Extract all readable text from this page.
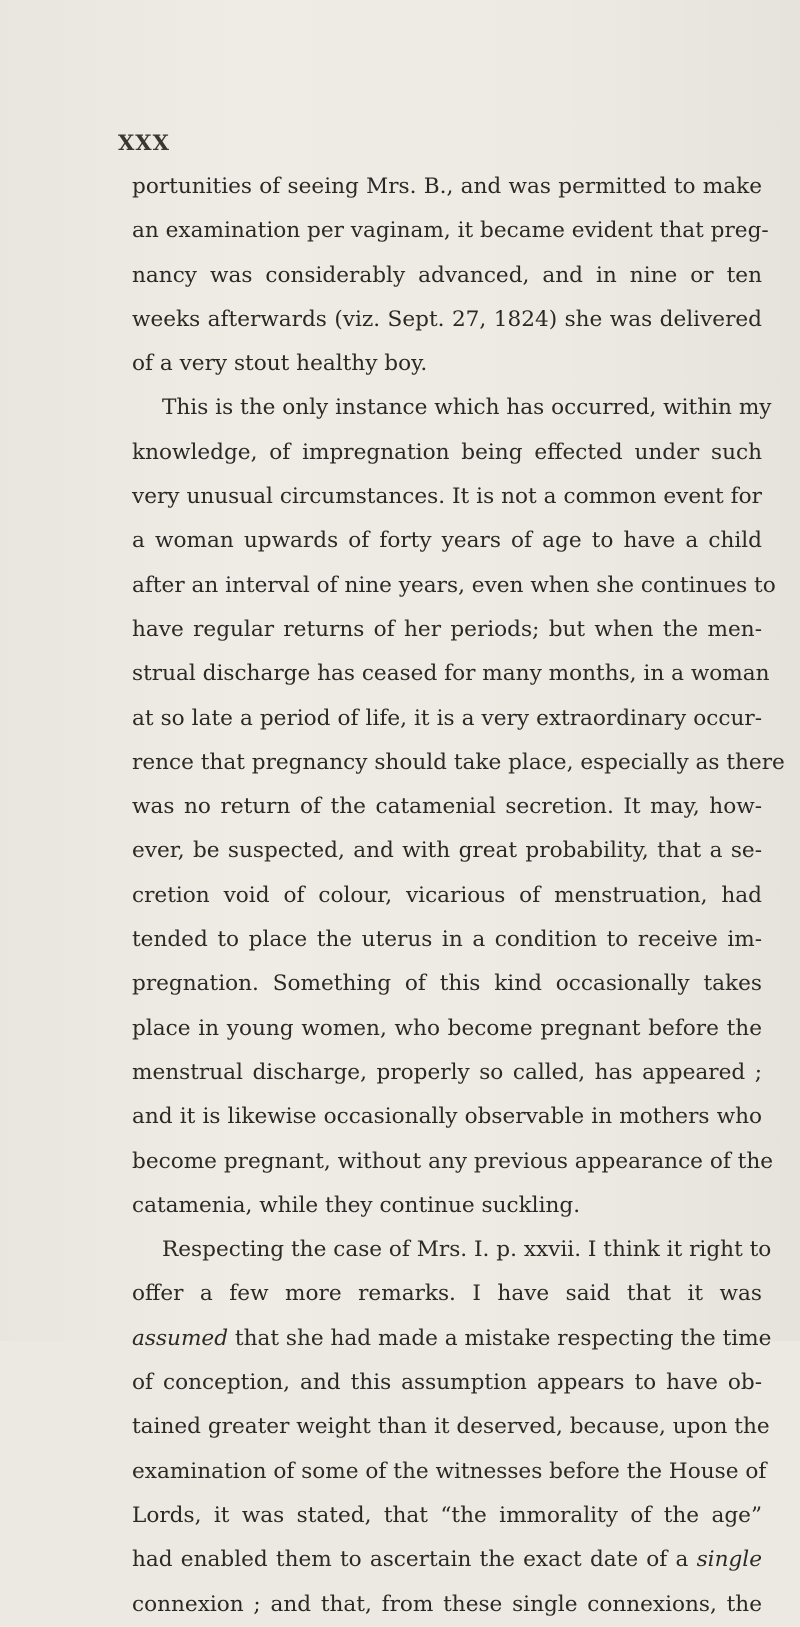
XXX
portunities of seeing Mrs. B., and was permitted to make
an examination per vaginam, it became evident that preg-
nancy was considerably advanced, and in nine or ten
weeks afterwards (viz. Sept. 27, 1824) she was delivered
of a very stout healthy boy.
This is the only instance which has occurred, within my
knowledge, of impregnation being effected under such
very unusual circumstances. It is not a common event for
a woman upwards of forty years of age to have a child
after an interval of nine years, even when she continues to
have regular returns of her periods; but when the men-
strual discharge has ceased for many months, in a woman
at so late a period of life, it is a very extraordinary occur-
rence that pregnancy should take place, especially as there
was no return of the catamenial secretion. It may, how-
ever, be suspected, and with great probability, that a se-
cretion void of colour, vicarious of menstruation, had
tended to place the uterus in a condition to receive im-
pregnation. Something of this kind occasionally takes
place in young women, who become pregnant before the
menstrual discharge, properly so called, has appeared ;
and it is likewise occasionally observable in mothers who
become pregnant, without any previous appearance of the
catamenia, while they continue suckling.
Respecting the case of Mrs. I. p. xxvii. I think it right to
offer a few more remarks. I have said that it was
assumed that she had made a mistake respecting the time
of conception, and this assumption appears to have ob-
tained greater weight than it deserved, because, upon the
examination of some of the witnesses before the House of
Lords, it was stated, that “the immorality of the age”
had enabled them to ascertain the exact date of a single
connexion ; and that, from these single connexions, the
